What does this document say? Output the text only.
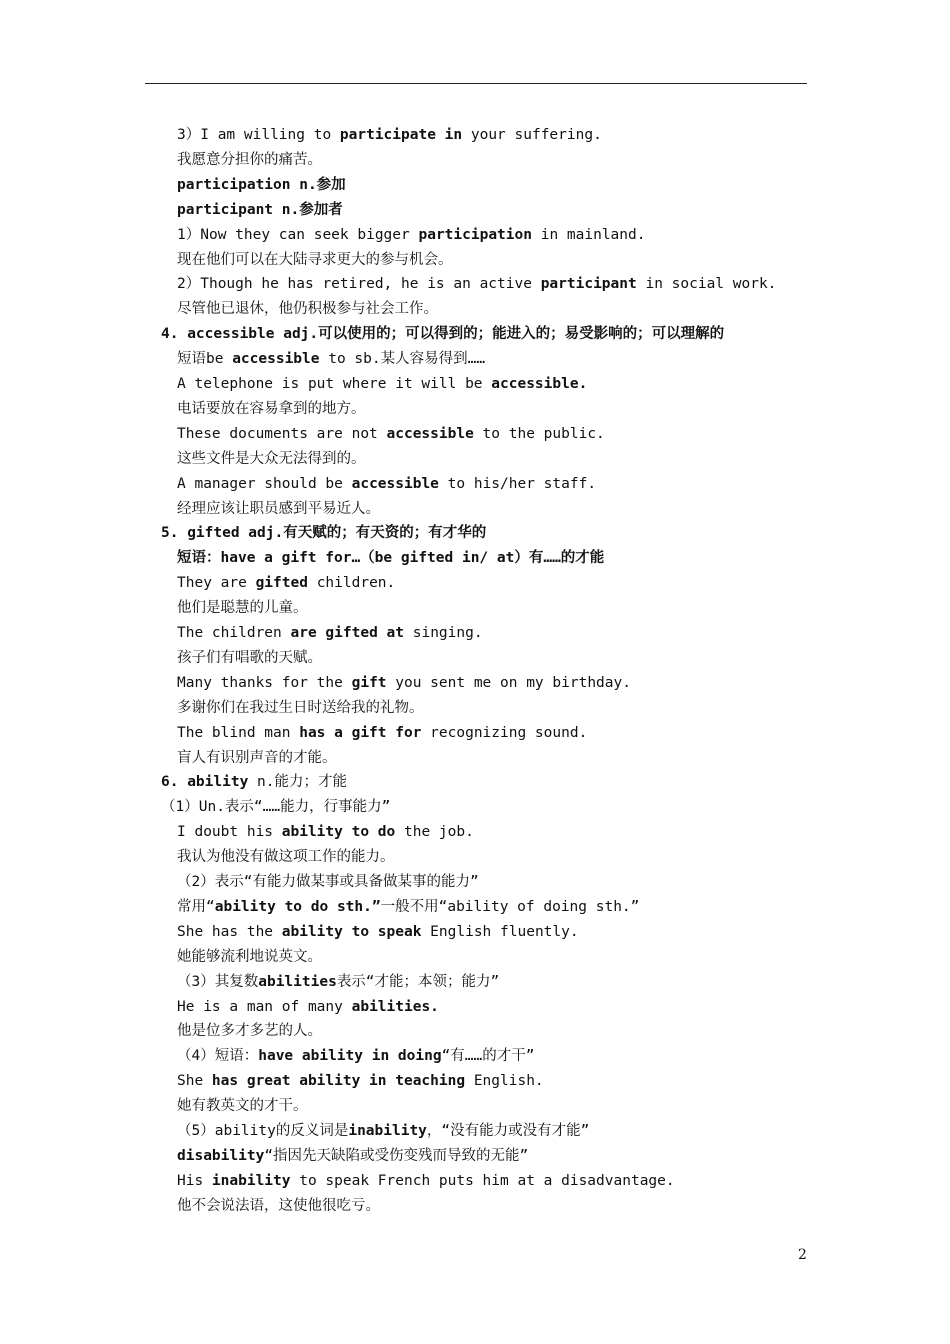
3）I am willing to participate in your suffering.
我愿意分担你的痛苦。
participation n.参加
participant n.参加者
1）Now they can seek bigger participation in mainland.
现在他们可以在大陆寻求更大的参与机会。
2）Though he has retired, he is an active participant in social work.
尽管他已退休，他仍积极参与社会工作。
4. accessible adj.可以使用的；可以得到的；能进入的；易受影响的；可以理解的
短语be accessible to sb.某人容易得到……
A telephone is put where it will be accessible.
电话要放在容易拿到的地方。
These documents are not accessible to the public.
这些文件是大众无法得到的。
A manager should be accessible to his/her staff.
经理应该让职员感到平易近人。
5. gifted adj.有天赋的；有天资的；有才华的
短语：have a gift for…（be gifted in/ at）有……的才能
They are gifted children.
他们是聪慧的儿童。
The children are gifted at singing.
孩子们有唱歌的天赋。
Many thanks for the gift you sent me on my birthday.
多谢你们在我过生日时送给我的礼物。
The blind man has a gift for recognizing sound.
盲人有识别声音的才能。
6. ability n.能力；才能
（1）Un.表示“……能力，行事能力”
I doubt his ability to do the job.
我认为他没有做这项工作的能力。
（2）表示“有能力做某事或具备做某事的能力”
常用“ability to do sth.”一般不用“ability of doing sth.”
She has the ability to speak English fluently.
她能够流利地说英文。
（3）其复数abilities表示“才能；本领；能力”
He is a man of many abilities.
他是位多才多艺的人。
（4）短语：have ability in doing“有……的才干”
She has great ability in teaching English.
她有教英文的才干。
（5）ability的反义词是inability，“没有能力或没有才能”
disability“指因先天缺陷或受伤变残而导致的无能”
His inability to speak French puts him at a disadvantage.
他不会说法语，这使他很吃亏。
2
